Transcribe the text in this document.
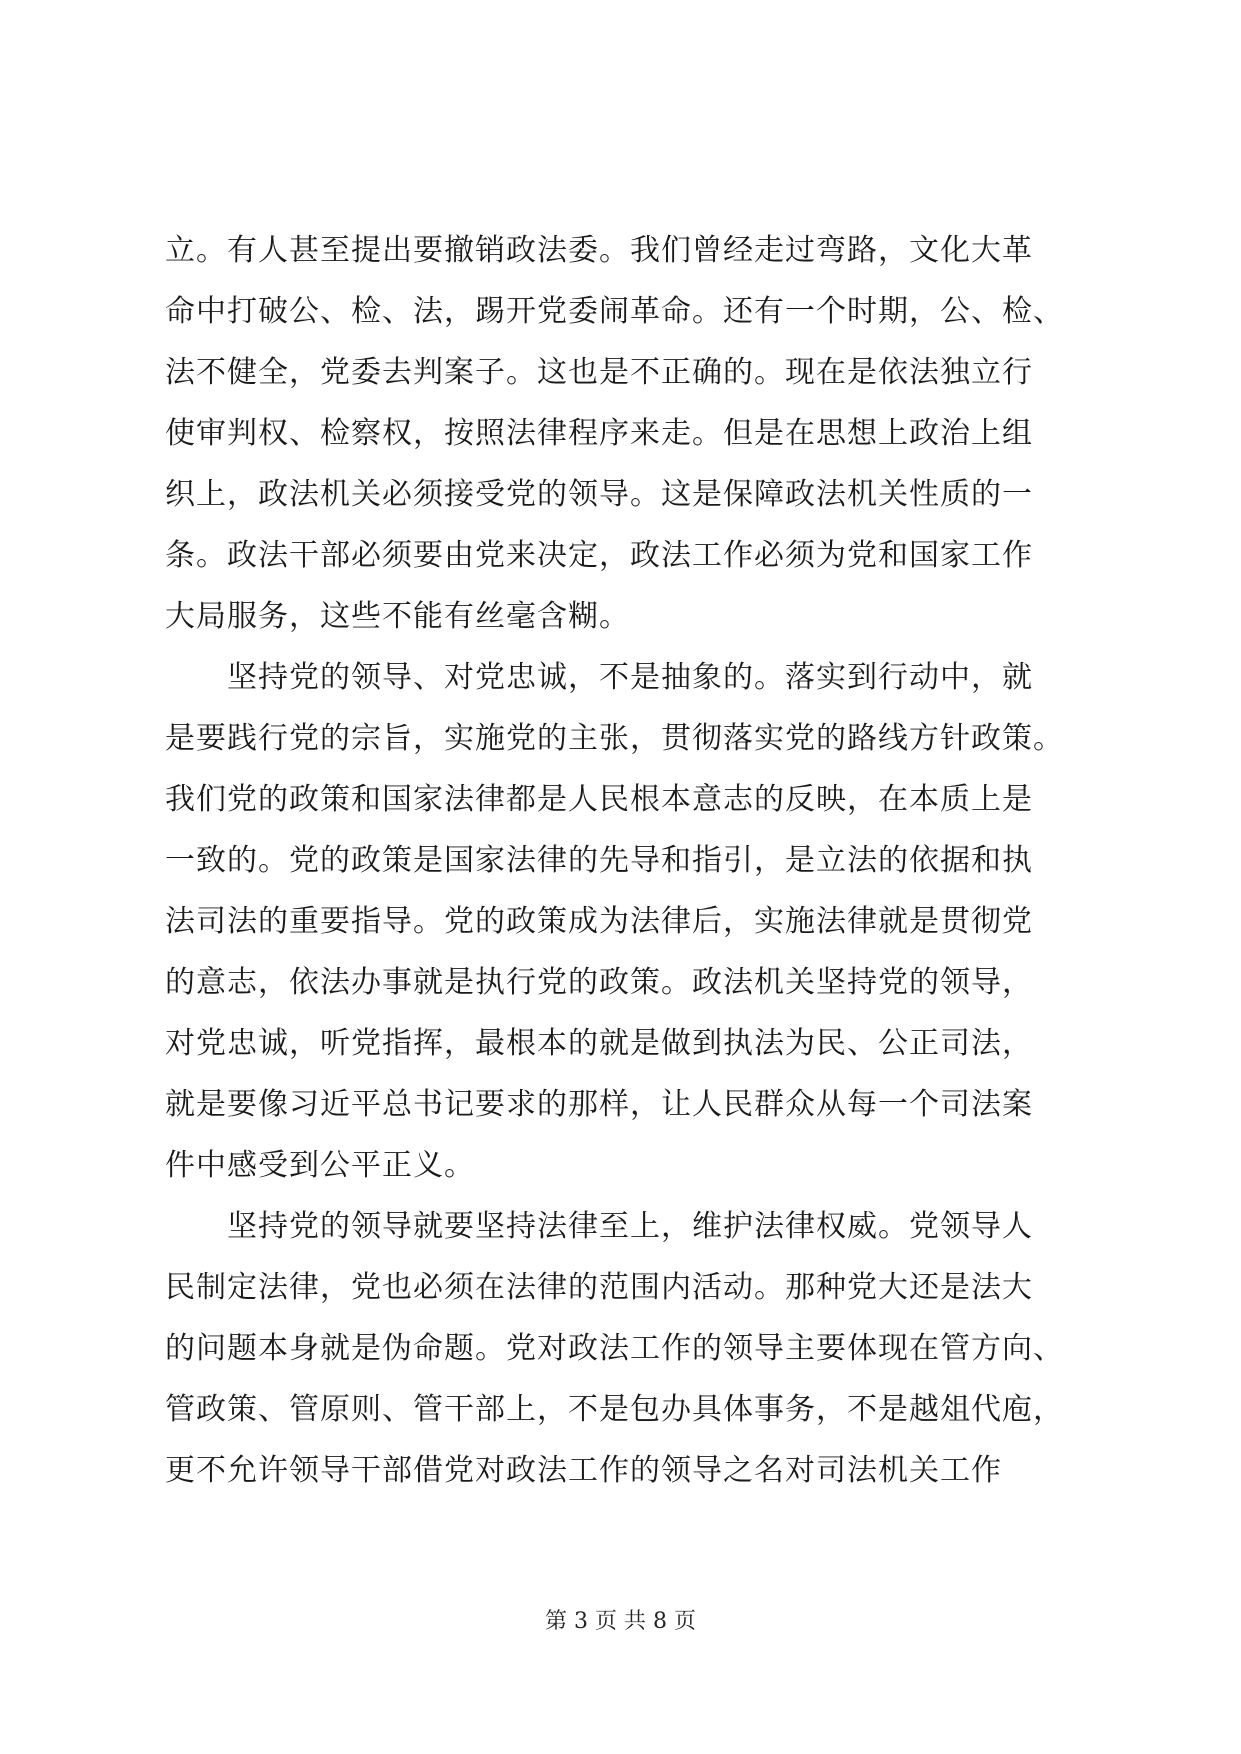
立。有人甚至提出要撤销政法委。我们曾经走过弯路，文化大革
命中打破公、检、法，踢开党委闹革命。还有一个时期，公、检、
法不健全，党委去判案子。这也是不正确的。现在是依法独立行
使审判权、检察权，按照法律程序来走。但是在思想上政治上组
织上，政法机关必须接受党的领导。这是保障政法机关性质的一
条。政法干部必须要由党来决定，政法工作必须为党和国家工作
大局服务，这些不能有丝毫含糊。
　　坚持党的领导、对党忠诚，不是抽象的。落实到行动中，就
是要践行党的宗旨，实施党的主张，贯彻落实党的路线方针政策。
我们党的政策和国家法律都是人民根本意志的反映，在本质上是
一致的。党的政策是国家法律的先导和指引，是立法的依据和执
法司法的重要指导。党的政策成为法律后，实施法律就是贯彻党
的意志，依法办事就是执行党的政策。政法机关坚持党的领导，
对党忠诚，听党指挥，最根本的就是做到执法为民、公正司法，
就是要像习近平总书记要求的那样，让人民群众从每一个司法案
件中感受到公平正义。
　　坚持党的领导就要坚持法律至上，维护法律权威。党领导人
民制定法律，党也必须在法律的范围内活动。那种党大还是法大
的问题本身就是伪命题。党对政法工作的领导主要体现在管方向、
管政策、管原则、管干部上，不是包办具体事务，不是越俎代庖，
更不允许领导干部借党对政法工作的领导之名对司法机关工作
第 3 页 共 8 页
